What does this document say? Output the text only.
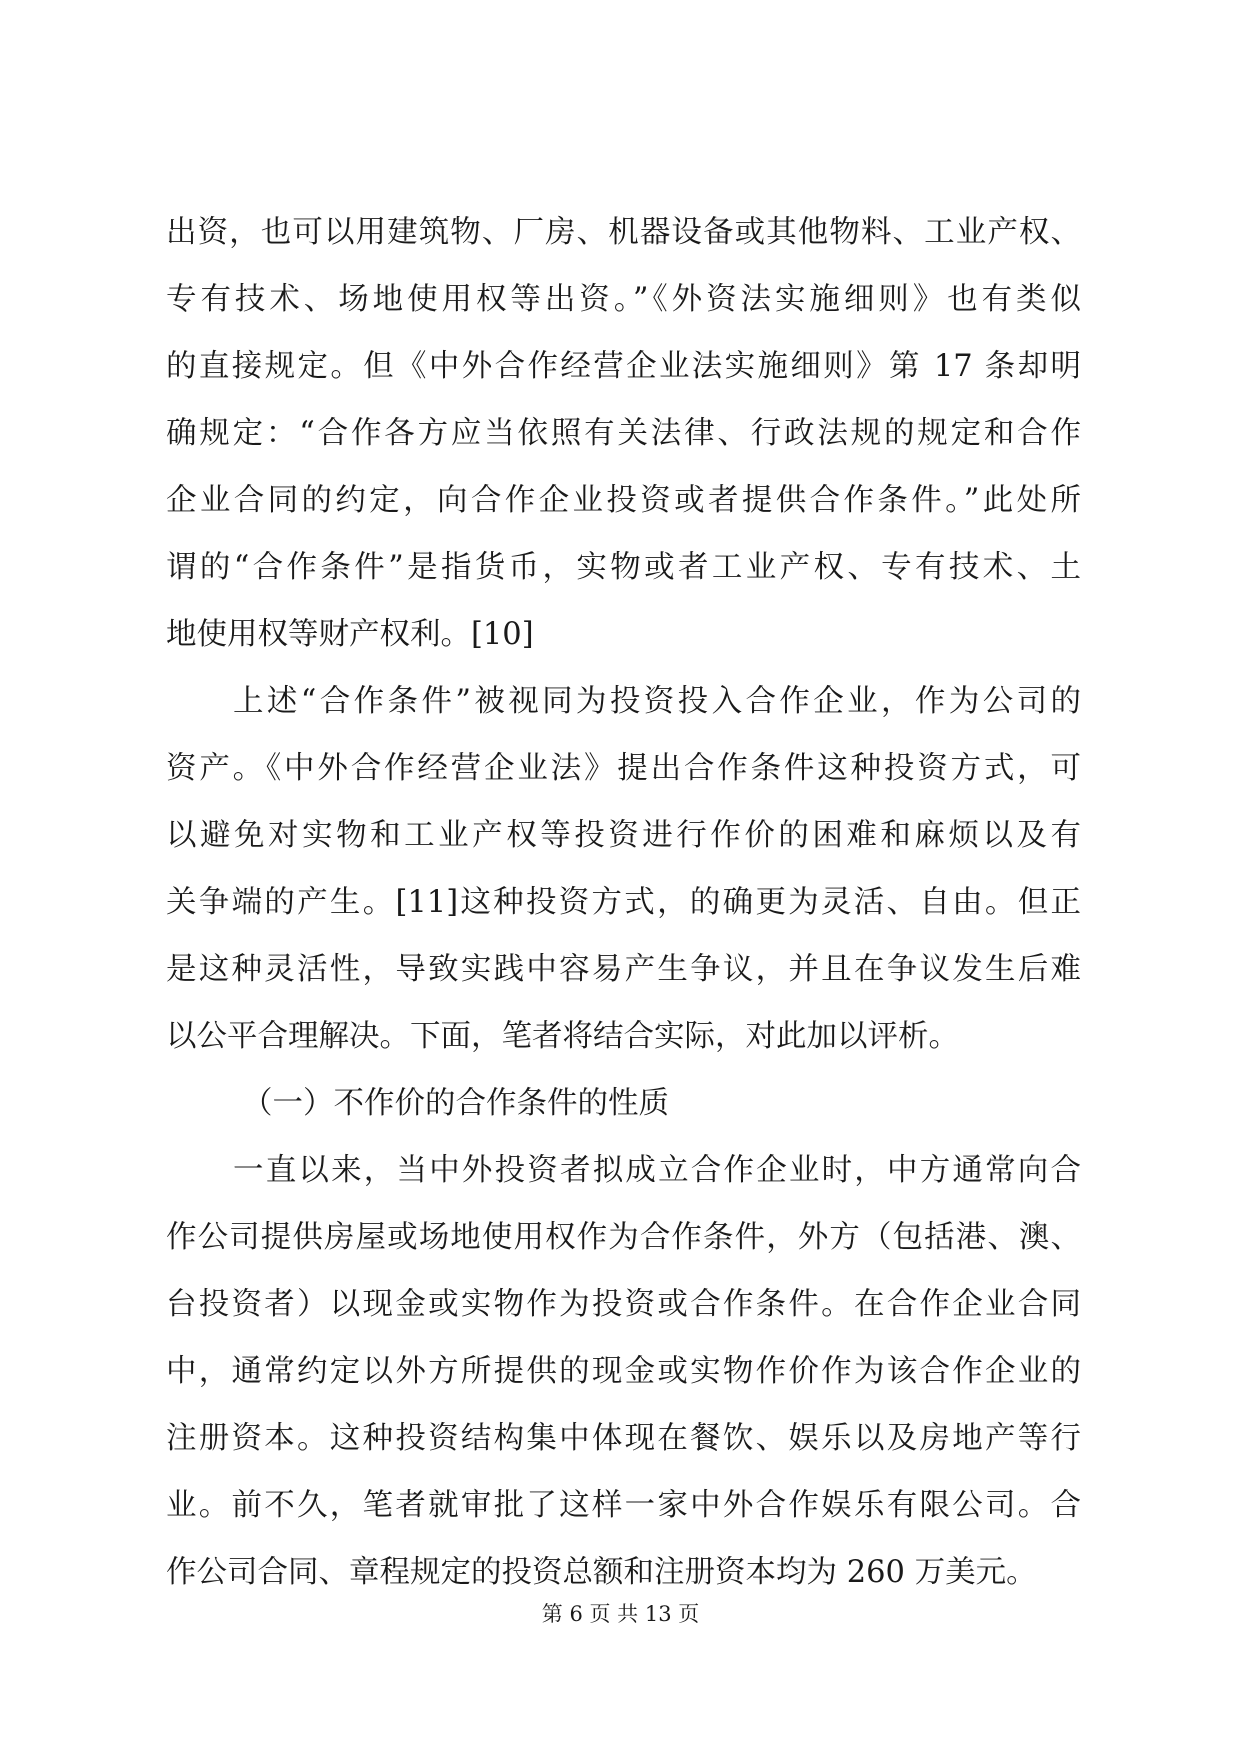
出资，也可以用建筑物、厂房、机器设备或其他物料、工业产权、
专有技术、场地使用权等出资。”《外资法实施细则》也有类似
的直接规定。但《中外合作经营企业法实施细则》第 17 条却明
确规定：“合作各方应当依照有关法律、行政法规的规定和合作
企业合同的约定，向合作企业投资或者提供合作条件。”此处所
谓的“合作条件”是指货币，实物或者工业产权、专有技术、土
地使用权等财产权利。[10]
上述“合作条件”被视同为投资投入合作企业，作为公司的
资产。《中外合作经营企业法》提出合作条件这种投资方式，可
以避免对实物和工业产权等投资进行作价的困难和麻烦以及有
关争端的产生。[11]这种投资方式，的确更为灵活、自由。但正
是这种灵活性，导致实践中容易产生争议，并且在争议发生后难
以公平合理解决。下面，笔者将结合实际，对此加以评析。
（一）不作价的合作条件的性质
一直以来，当中外投资者拟成立合作企业时，中方通常向合
作公司提供房屋或场地使用权作为合作条件，外方（包括港、澳、
台投资者）以现金或实物作为投资或合作条件。在合作企业合同
中，通常约定以外方所提供的现金或实物作价作为该合作企业的
注册资本。这种投资结构集中体现在餐饮、娱乐以及房地产等行
业。前不久，笔者就审批了这样一家中外合作娱乐有限公司。合
作公司合同、章程规定的投资总额和注册资本均为 260 万美元。
第 6 页 共 13 页
